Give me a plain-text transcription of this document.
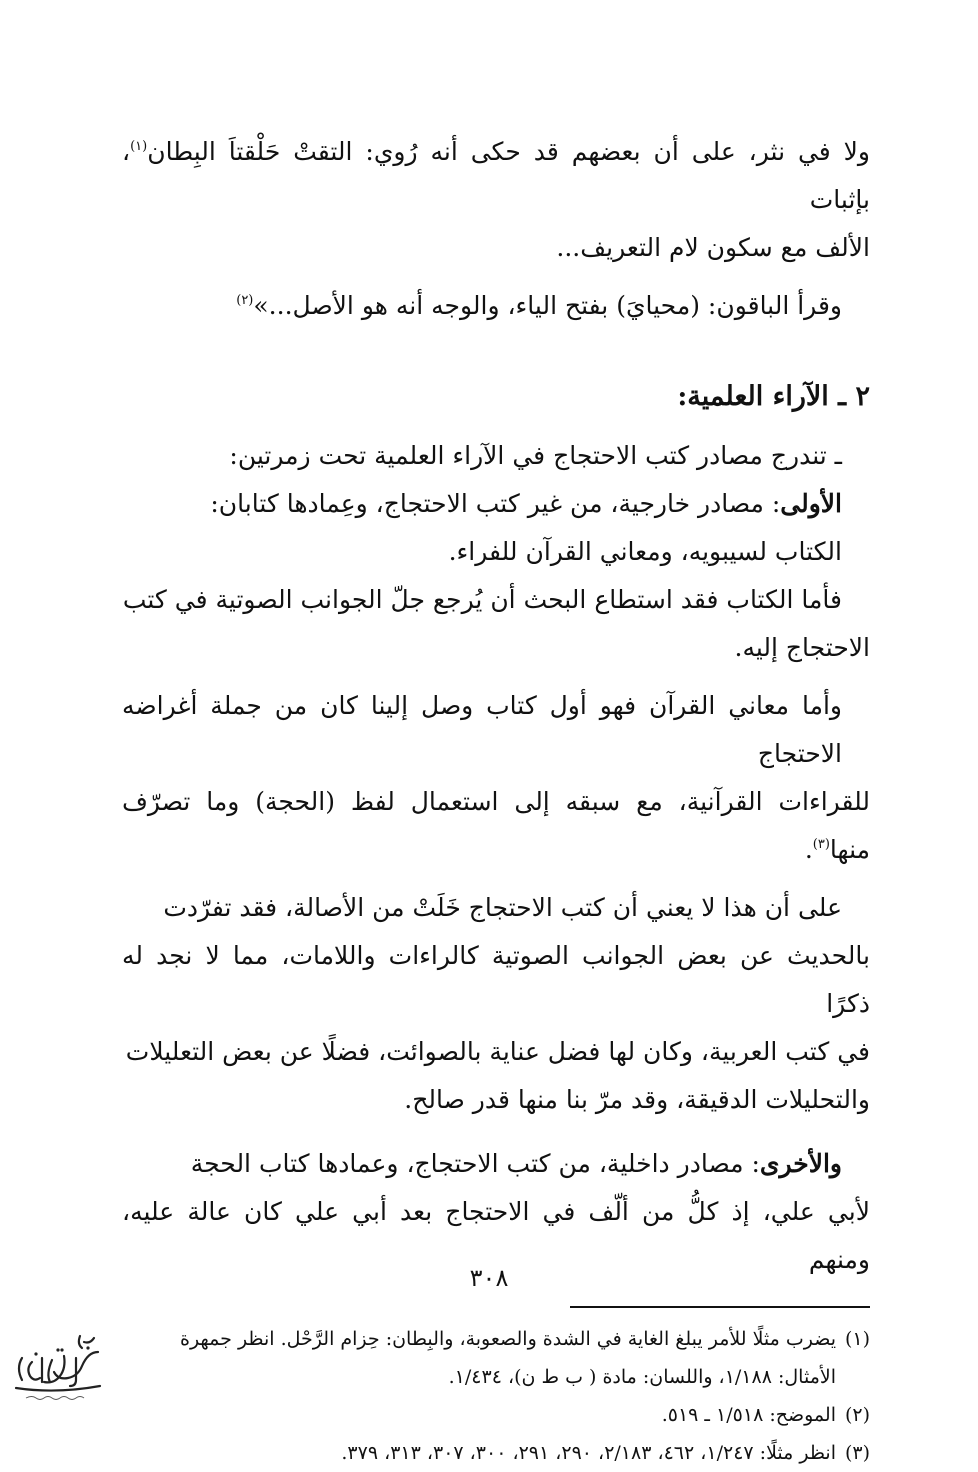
ولا في نثر، على أن بعضهم قد حكى أنه رُوي: التقتْ حَلْقتاَ البِطان$^{(١)}$، بإثبات
الألف مع سكون لام التعريف...
وقرأ الباقون: (محيايَ) بفتح الياء، والوجه أنه هو الأصل...»$^{(٢)}$
٢ ـ الآراء العلمية:
ـ تندرج مصادر كتب الاحتجاج في الآراء العلمية تحت زمرتين:
الأولى: مصادر خارجية، من غير كتب الاحتجاج، وعِمادها كتابان:
الكتاب لسيبويه، ومعاني القرآن للفراء.
فأما الكتاب فقد استطاع البحث أن يُرجع جلّ الجوانب الصوتية في كتب
الاحتجاج إليه.
وأما معاني القرآن فهو أول كتاب وصل إلينا كان من جملة أغراضه الاحتجاج
للقراءات القرآنية، مع سبقه إلى استعمال لفظ (الحجة) وما تصرّف منها$^{(٣)}$.
على أن هذا لا يعني أن كتب الاحتجاج خَلَتْ من الأصالة، فقد تفرّدت
بالحديث عن بعض الجوانب الصوتية كالراءات واللامات، مما لا نجد له ذكرًا
في كتب العربية، وكان لها فضل عناية بالصوائت، فضلًا عن بعض التعليلات
والتحليلات الدقيقة، وقد مرّ بنا منها قدر صالح.
والأخرى: مصادر داخلية، من كتب الاحتجاج، وعمادها كتاب الحجة
لأبي علي، إذ كلُّ من ألّف في الاحتجاج بعد أبي علي كان عالة عليه، ومنهم
(١)يضرب مثلًا للأمر يبلغ الغاية في الشدة والصعوبة، والبِطان: حِزام الرَّحْل. انظر جمهرة
الأمثال: ١/١٨٨، واللسان: مادة ( ب ط ن)، ١/٤٣٤.
(٢)الموضح: ١/٥١٨ ـ ٥١٩.
(٣)انظر مثلًا: ١/٢٤٧، ٤٦٢، ٢/١٨٣، ٢٩٠، ٢٩١، ٣٠٠، ٣٠٧، ٣١٣، ٣٧٩.
٣٠٨
